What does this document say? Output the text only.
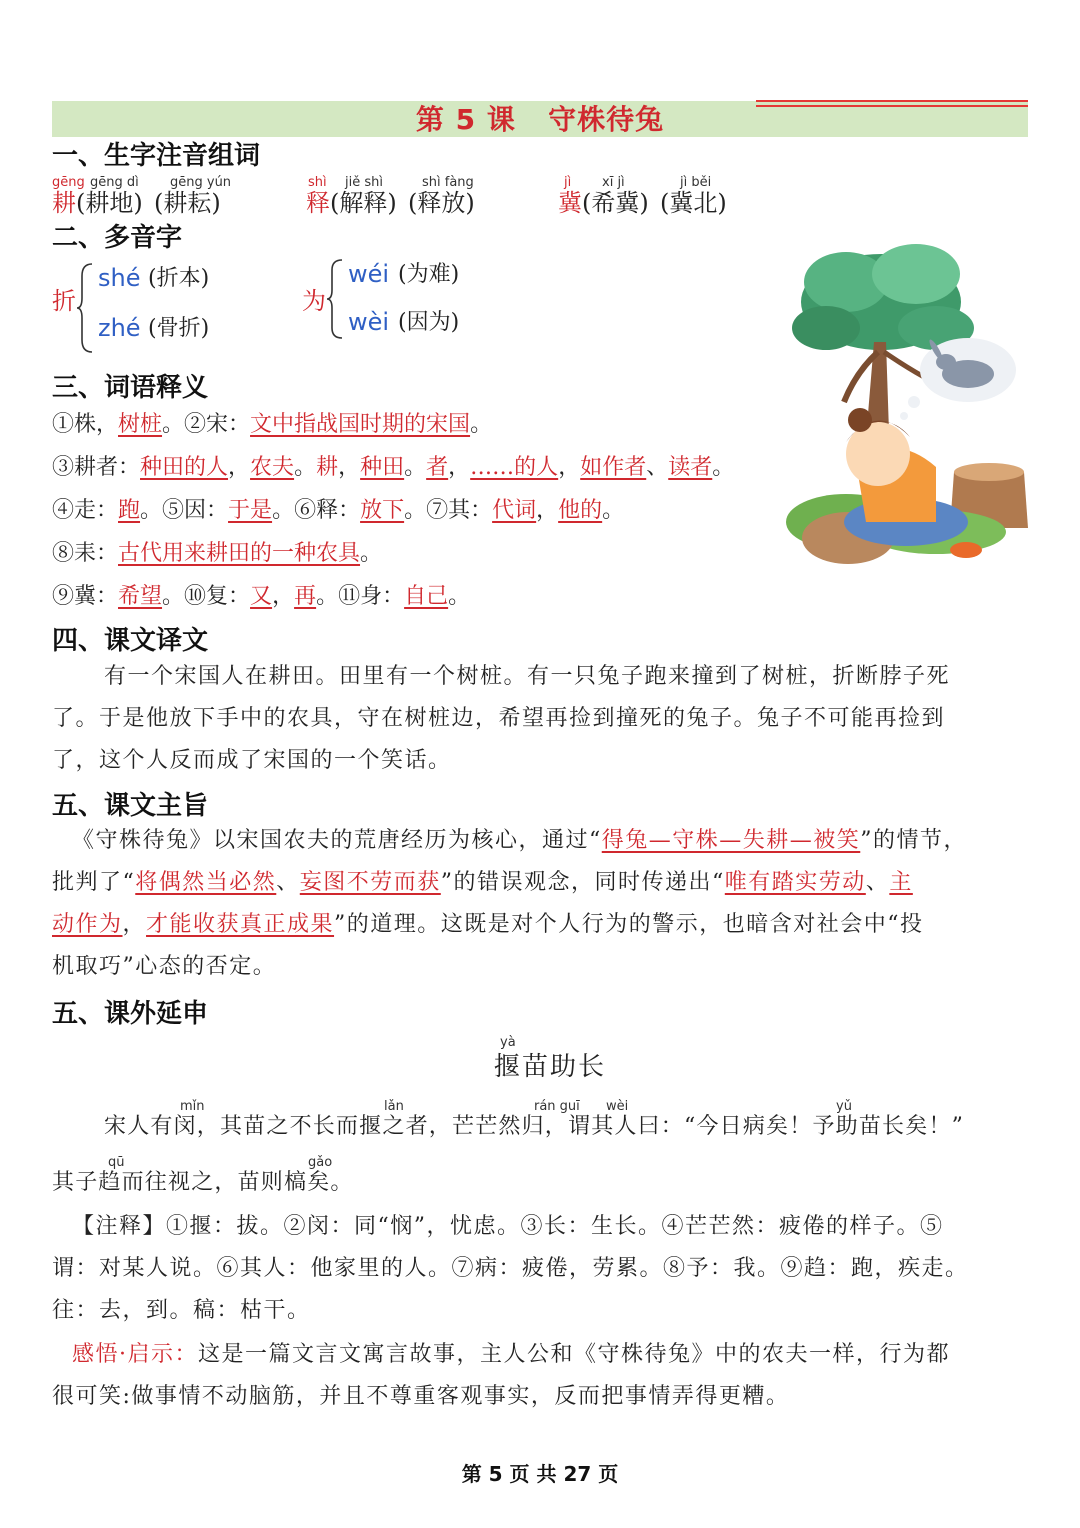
第 5 课 守株待兔
一、生字注音组词
gēng
耕
gēng dì
(耕地)
gēng yún
(耕耘)
shì
释
jiě shì
(解释)
shì fàng
(释放)
jì
冀
xī jì
(希冀)
jì běi
(冀北)
二、多音字
折
shé (折本)
zhé (骨折)
为
wéi (为难)
wèi (因为)
三、词语释义
①株，树桩。②宋：文中指战国时期的宋国。
③耕者：种田的人，农夫。耕，种田。者，……的人，如作者、读者。
④走：跑。⑤因：于是。⑥释：放下。⑦其：代词，他的。
⑧耒：古代用来耕田的一种农具。
⑨冀：希望。⑩复：又，再。⑪身：自己。
四、课文译文
有一个宋国人在耕田。田里有一个树桩。有一只兔子跑来撞到了树桩，折断脖子死
了。于是他放下手中的农具，守在树桩边，希望再捡到撞死的兔子。兔子不可能再捡到
了，这个人反而成了宋国的一个笑话。
五、课文主旨
《守株待兔》以宋国农夫的荒唐经历为核心，通过“得兔—守株—失耕—被笑”的情节，
批判了“将偶然当必然、妄图不劳而获”的错误观念，同时传递出“唯有踏实劳动、主
动作为，才能收获真正成果”的道理。这既是对个人行为的警示，也暗含对社会中“投
机取巧”心态的否定。
五、课外延申
yà
揠苗助长
mǐn	lǎn	rán guī wèi	yǔ
宋人有闵，其苗之不长而揠之者，芒芒然归，谓其人曰：“今日病矣！予助苗长矣！”
qū	gǎo
其子趋而往视之，苗则槁矣。
【注释】①揠：拔。②闵：同“悯”，忧虑。③长：生长。④芒芒然：疲倦的样子。⑤
谓：对某人说。⑥其人：他家里的人。⑦病：疲倦，劳累。⑧予：我。⑨趋：跑，疾走。
往：去，到。稿：枯干。
感悟·启示：这是一篇文言文寓言故事，主人公和《守株待兔》中的农夫一样，行为都
很可笑:做事情不动脑筋，并且不尊重客观事实，反而把事情弄得更糟。
第 5 页 共 27 页
